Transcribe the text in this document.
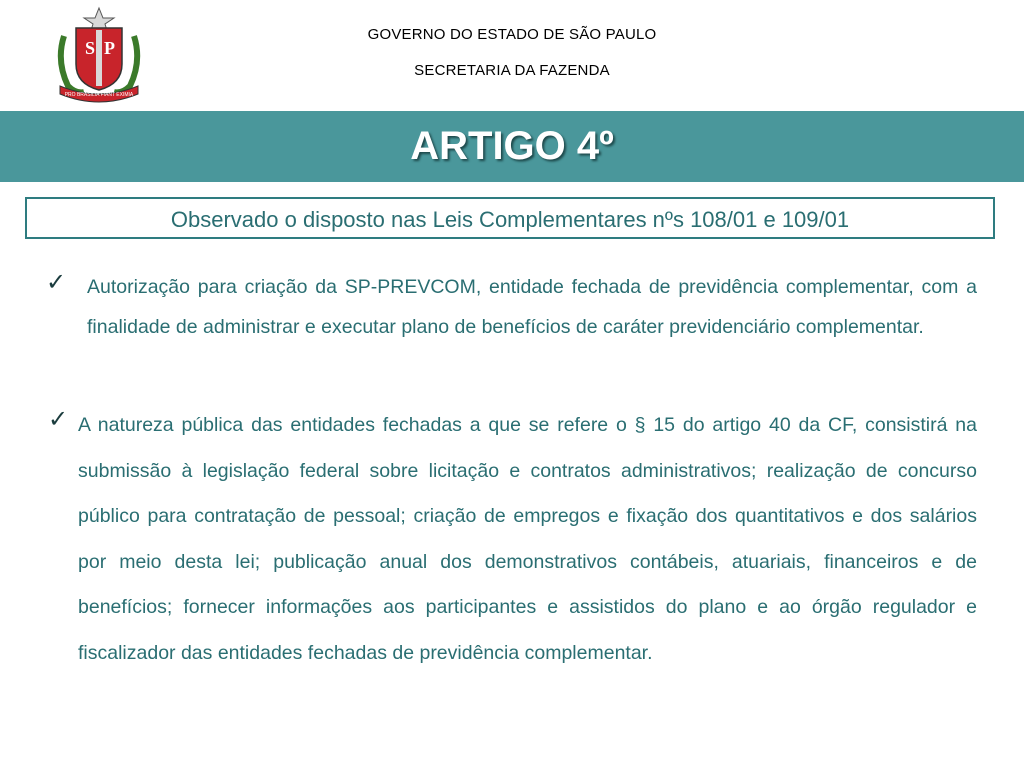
S P
PRO BRASILIA FIANT EXIMIA
GOVERNO DO ESTADO DE SÃO PAULO
SECRETARIA DA FAZENDA
ARTIGO 4º
Observado o disposto nas Leis Complementares nºs 108/01 e 109/01
✓ Autorização para criação da SP-PREVCOM, entidade fechada de previdência complementar, com a finalidade de administrar e executar plano de benefícios de caráter previdenciário complementar.
✓ A natureza pública das entidades fechadas a que se refere o § 15 do artigo 40 da CF, consistirá na submissão à legislação federal sobre licitação e contratos administrativos; realização de concurso público para contratação de pessoal; criação de empregos e fixação dos quantitativos e dos salários por meio desta lei; publicação anual dos demonstrativos contábeis, atuariais, financeiros e de benefícios; fornecer informações aos participantes e assistidos do plano e ao órgão regulador e fiscalizador das entidades fechadas de previdência complementar.
